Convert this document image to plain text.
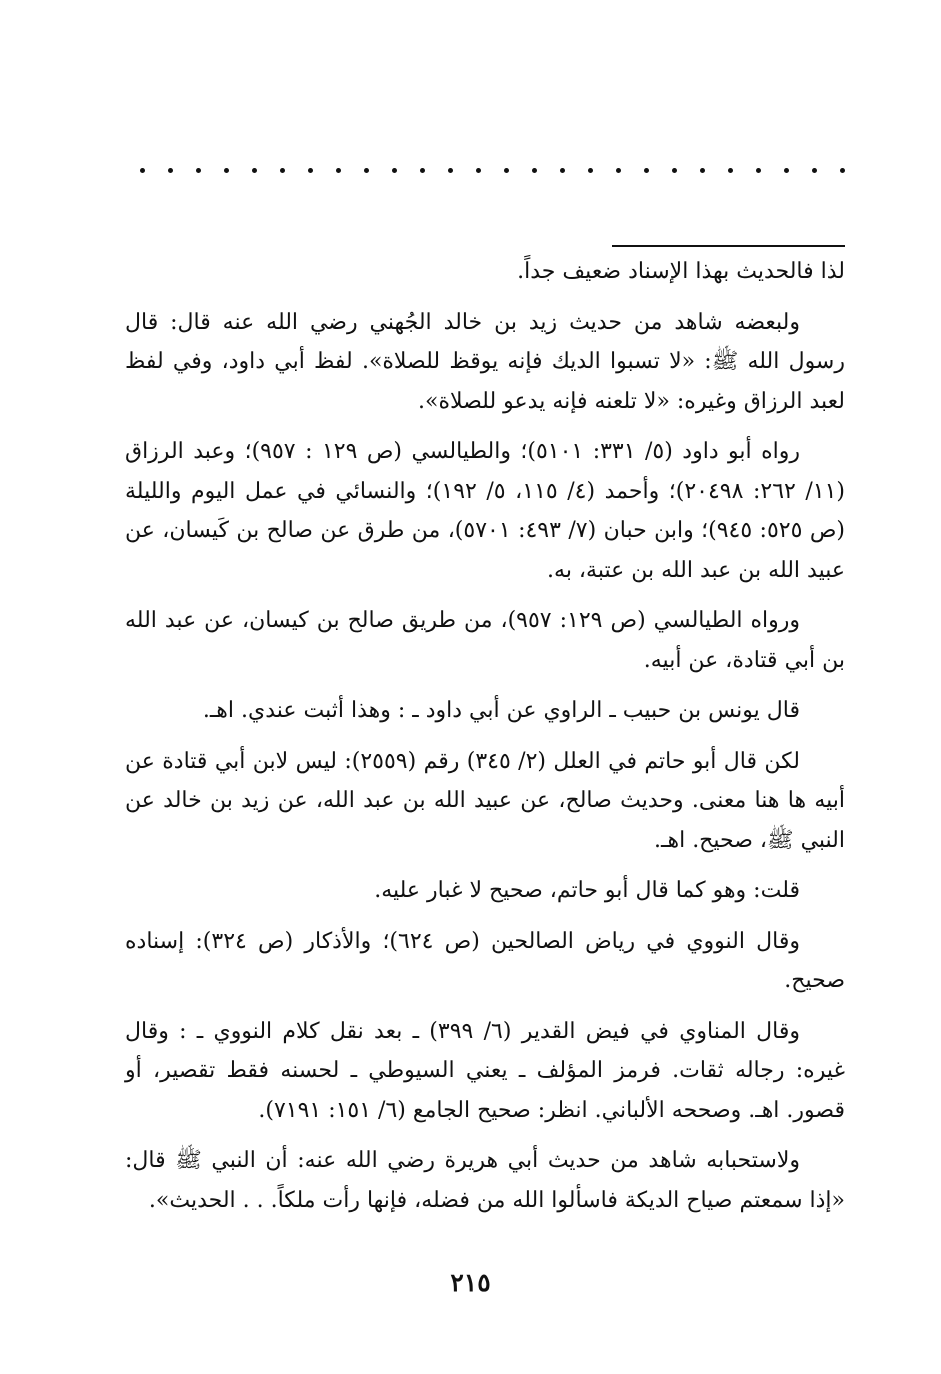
لذا فالحديث بهذا الإسناد ضعيف جداً.

ولبعضه شاهد من حديث زيد بن خالد الجُهني رضي الله عنه قال: قال رسول الله ﷺ: «لا تسبوا الديك فإنه يوقظ للصلاة». لفظ أبي داود، وفي لفظ لعبد الرزاق وغيره: «لا تلعنه فإنه يدعو للصلاة».

رواه أبو داود (٥/ ٣٣١: ٥١٠١)؛ والطيالسي (ص ١٢٩ : ٩٥٧)؛ وعبد الرزاق (١١/ ٢٦٢: ٢٠٤٩٨)؛ وأحمد (٤/ ١١٥، ٥/ ١٩٢)؛ والنسائي في عمل اليوم والليلة (ص ٥٢٥: ٩٤٥)؛ وابن حبان (٧/ ٤٩٣: ٥٧٠١)، من طرق عن صالح بن كَيسان، عن عبيد الله بن عبد الله بن عتبة، به.

ورواه الطيالسي (ص ١٢٩: ٩٥٧)، من طريق صالح بن كيسان، عن عبد الله بن أبي قتادة، عن أبيه.

قال يونس بن حبيب ـ الراوي عن أبي داود ـ : وهذا أثبت عندي. اهـ.

لكن قال أبو حاتم في العلل (٢/ ٣٤٥) رقم (٢٥٥٩): ليس لابن أبي قتادة عن أبيه ها هنا معنى. وحديث صالح، عن عبيد الله بن عبد الله، عن زيد بن خالد عن النبي ﷺ، صحيح. اهـ.

قلت: وهو كما قال أبو حاتم، صحيح لا غبار عليه.

وقال النووي في رياض الصالحين (ص ٦٢٤)؛ والأذكار (ص ٣٢٤): إسناده صحيح.

وقال المناوي في فيض القدير (٦/ ٣٩٩) ـ بعد نقل كلام النووي ـ : وقال غيره: رجاله ثقات. فرمز المؤلف ـ يعني السيوطي ـ لحسنه فقط تقصير، أو قصور. اهـ. وصححه الألباني. انظر: صحيح الجامع (٦/ ١٥١: ٧١٩١).

ولاستحبابه شاهد من حديث أبي هريرة رضي الله عنه: أن النبي ﷺ قال: «إذا سمعتم صياح الديكة فاسألوا الله من فضله، فإنها رأت ملكاً. . . الحديث».

٢١٥
